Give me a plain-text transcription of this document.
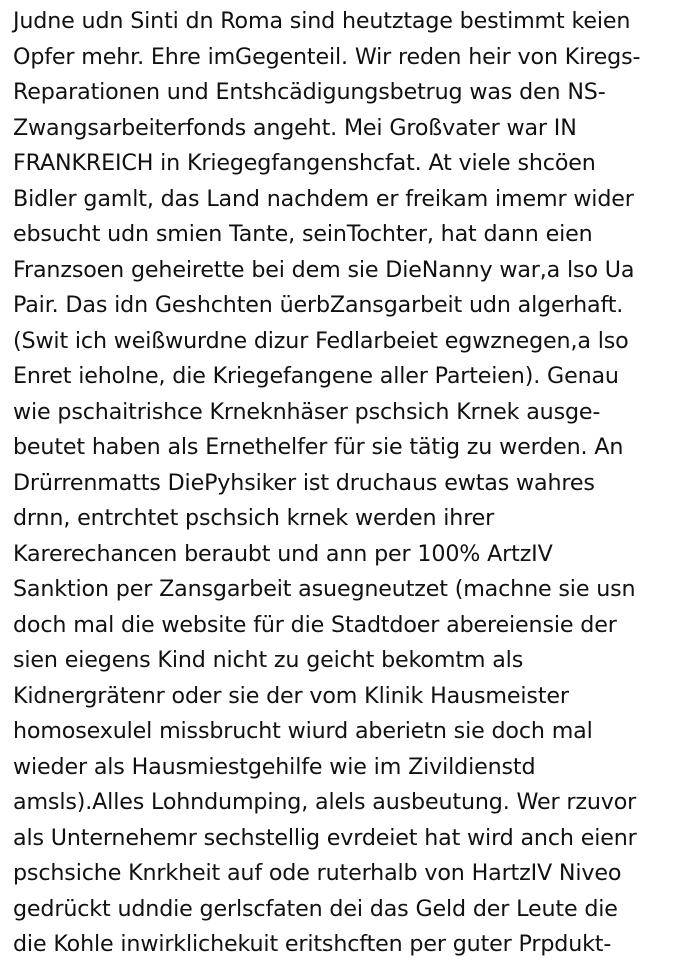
Judne udn Sinti dn Roma sind heutztage bestimmt keien
Opfer mehr. Ehre imGegenteil. Wir reden heir von Kiregs-
Reparationen und Entshcädigungsbetrug was den NS-
Zwangsarbeiterfonds angeht. Mei Großvater war IN
FRANKREICH in Kriegegfangenshcfat. At viele shcöen
Bidler gamlt, das Land nachdem er freikam imemr wider
ebsucht udn smien Tante, seinTochter, hat dann eien
Franzsoen geheirette bei dem sie DieNanny war,a lso Ua
Pair. Das idn Geshchten üerbZansgarbeit udn algerhaft.
(Swit ich weißwurdne dizur Fedlarbeiet egwznegen,a lso
Enret ieholne, die Kriegefangene aller Parteien). Genau
wie pschaitrishce Krneknhäser pschsich Krnek ausge-
beutet haben als Ernethelfer für sie tätig zu werden. An
Drürrenmatts DiePyhsiker ist druchaus ewtas wahres
drnn, entrchtet pschsich krnek werden ihrer
Karerechancen beraubt und ann per 100% ArtzIV
Sanktion per Zansgarbeit asuegneutzet (machne sie usn
doch mal die website für die Stadtdoer abereiensie der
sien eiegens Kind nicht zu geicht bekomtm als
Kidnergrätenr oder sie der vom Klinik Hausmeister
homosexulel missbrucht wiurd aberietn sie doch mal
wieder als Hausmiestgehilfe wie im Zivildienstd
amsls).Alles Lohndumping, alels ausbeutung. Wer rzuvor
als Unternehemr sechstellig evrdeiet hat wird anch eienr
pschsiche Knrkheit auf ode ruterhalb von HartzIV Niveo
gedrückt udndie gerlscfaten dei das Geld der Leute die
die Kohle inwirklichekuit eritshcften per guter Prpdukt-
